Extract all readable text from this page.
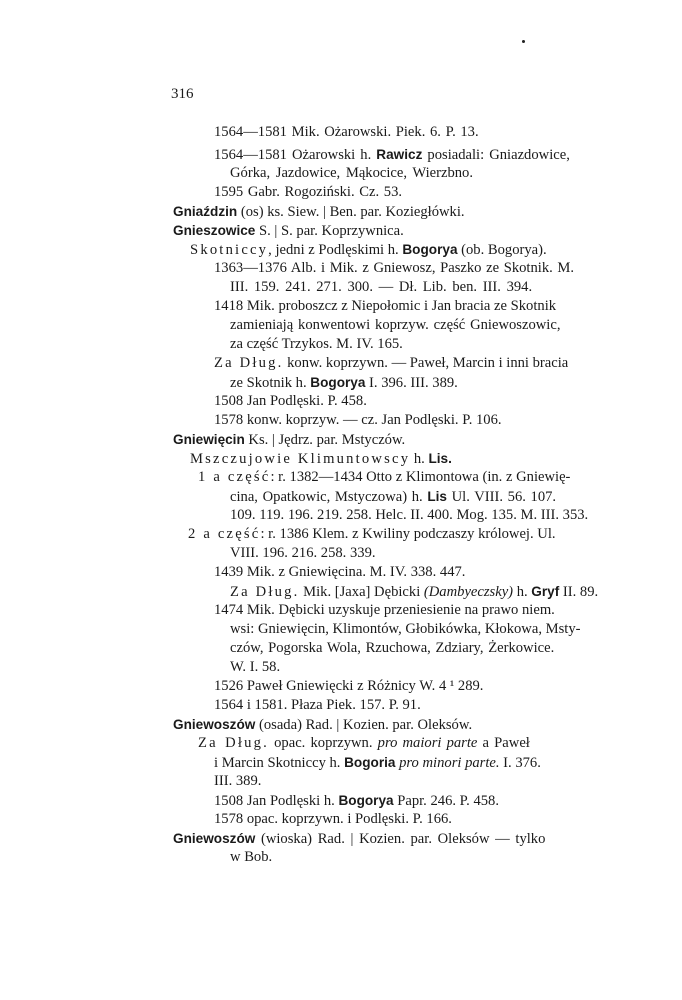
316
1564—1581 Mik. Ożarowski. Piek. 6. P. 13.
1564—1581 Ożarowski h. Rawicz posiadali: Gniazdowice,
Górka, Jazdowice, Mąkocice, Wierzbno.
1595 Gabr. Rogoziński. Cz. 53.
Gniaździn (os) ks. Siew. | Ben. par. Koziegłówki.
Gnieszowice S. | S. par. Koprzywnica.
Skotniccy, jedni z Podlęskimi h. Bogorya (ob. Bogorya).
1363—1376 Alb. i Mik. z Gniewosz, Paszko ze Skotnik. M.
III. 159. 241. 271. 300. — Dł. Lib. ben. III. 394.
1418 Mik. proboszcz z Niepołomic i Jan bracia ze Skotnik
zamieniają konwentowi koprzyw. część Gniewoszowic,
za część Trzykos. M. IV. 165.
Za Dług. konw. koprzywn. — Paweł, Marcin i inni bracia
ze Skotnik h. Bogorya I. 396. III. 389.
1508 Jan Podlęski. P. 458.
1578 konw. koprzyw. — cz. Jan Podlęski. P. 106.
Gniewięcin Ks. | Jędrz. par. Mstyczów.
Mszczujowie Klimuntowscy h. Lis.
1 a część: r. 1382—1434 Otto z Klimontowa (in. z Gniewię-
cina, Opatkowic, Mstyczowa) h. Lis Ul. VIII. 56. 107.
109. 119. 196. 219. 258. Helc. II. 400. Mog. 135. M. III. 353.
2 a część: r. 1386 Klem. z Kwiliny podczaszy królowej. Ul.
VIII. 196. 216. 258. 339.
1439 Mik. z Gniewięcina. M. IV. 338. 447.
Za Dług. Mik. [Jaxa] Dębicki (Dambyeczsky) h. Gryf II. 89.
1474 Mik. Dębicki uzyskuje przeniesienie na prawo niem.
wsi: Gniewięcin, Klimontów, Głobikówka, Kłokowa, Msty-
czów, Pogorska Wola, Rzuchowa, Zdziary, Żerkowice.
W. I. 58.
1526 Paweł Gniewięcki z Różnicy W. 4 ¹ 289.
1564 i 1581. Płaza Piek. 157. P. 91.
Gniewoszów (osada) Rad. | Kozien. par. Oleksów.
Za Dług. opac. koprzywn. pro maiori parte a Paweł
i Marcin Skotniccy h. Bogoria pro minori parte. I. 376.
III. 389.
1508 Jan Podlęski h. Bogorya Papr. 246. P. 458.
1578 opac. koprzywn. i Podlęski. P. 166.
Gniewoszów (wioska) Rad. | Kozien. par. Oleksów — tylko
w Bob.
